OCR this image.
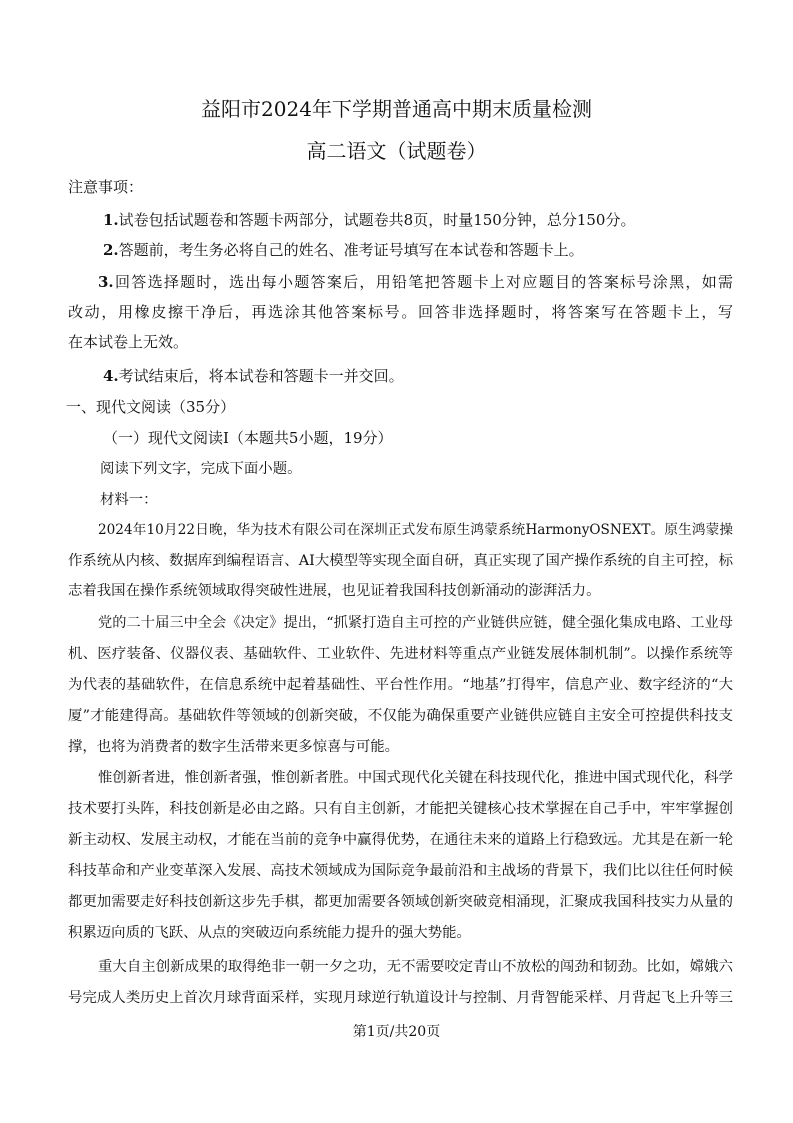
益阳市2024年下学期普通高中期末质量检测
高二语文（试题卷）
注意事项：
1.试卷包括试题卷和答题卡两部分，试题卷共8页，时量150分钟，总分150分。
2.答题前，考生务必将自己的姓名、准考证号填写在本试卷和答题卡上。
3.回答选择题时，选出每小题答案后，用铅笔把答题卡上对应题目的答案标号涂黑，如需
改动，用橡皮擦干净后，再选涂其他答案标号。回答非选择题时，将答案写在答题卡上，写
在本试卷上无效。
4.考试结束后，将本试卷和答题卡一并交回。
一、现代文阅读（35分）
（一）现代文阅读Ⅰ（本题共5小题，19分）
阅读下列文字，完成下面小题。
材料一：
2024年10月22日晚，华为技术有限公司在深圳正式发布原生鸿蒙系统HarmonyOSNEXT。原生鸿蒙操
作系统从内核、数据库到编程语言、AI大模型等实现全面自研，真正实现了国产操作系统的自主可控，标
志着我国在操作系统领域取得突破性进展，也见证着我国科技创新涌动的澎湃活力。
党的二十届三中全会《决定》提出，“抓紧打造自主可控的产业链供应链，健全强化集成电路、工业母
机、医疗装备、仪器仪表、基础软件、工业软件、先进材料等重点产业链发展体制机制”。以操作系统等
为代表的基础软件，在信息系统中起着基础性、平台性作用。“地基”打得牢，信息产业、数字经济的“大
厦”才能建得高。基础软件等领域的创新突破，不仅能为确保重要产业链供应链自主安全可控提供科技支
撑，也将为消费者的数字生活带来更多惊喜与可能。
惟创新者进，惟创新者强，惟创新者胜。中国式现代化关键在科技现代化，推进中国式现代化，科学
技术要打头阵，科技创新是必由之路。只有自主创新，才能把关键核心技术掌握在自己手中，牢牢掌握创
新主动权、发展主动权，才能在当前的竞争中赢得优势，在通往未来的道路上行稳致远。尤其是在新一轮
科技革命和产业变革深入发展、高技术领域成为国际竞争最前沿和主战场的背景下，我们比以往任何时候
都更加需要走好科技创新这步先手棋，都更加需要各领域创新突破竞相涌现，汇聚成我国科技实力从量的
积累迈向质的飞跃、从点的突破迈向系统能力提升的强大势能。
重大自主创新成果的取得绝非一朝一夕之功，无不需要咬定青山不放松的闯劲和韧劲。比如，嫦娥六
号完成人类历史上首次月球背面采样，实现月球逆行轨道设计与控制、月背智能采样、月背起飞上升等三
第1页/共20页
